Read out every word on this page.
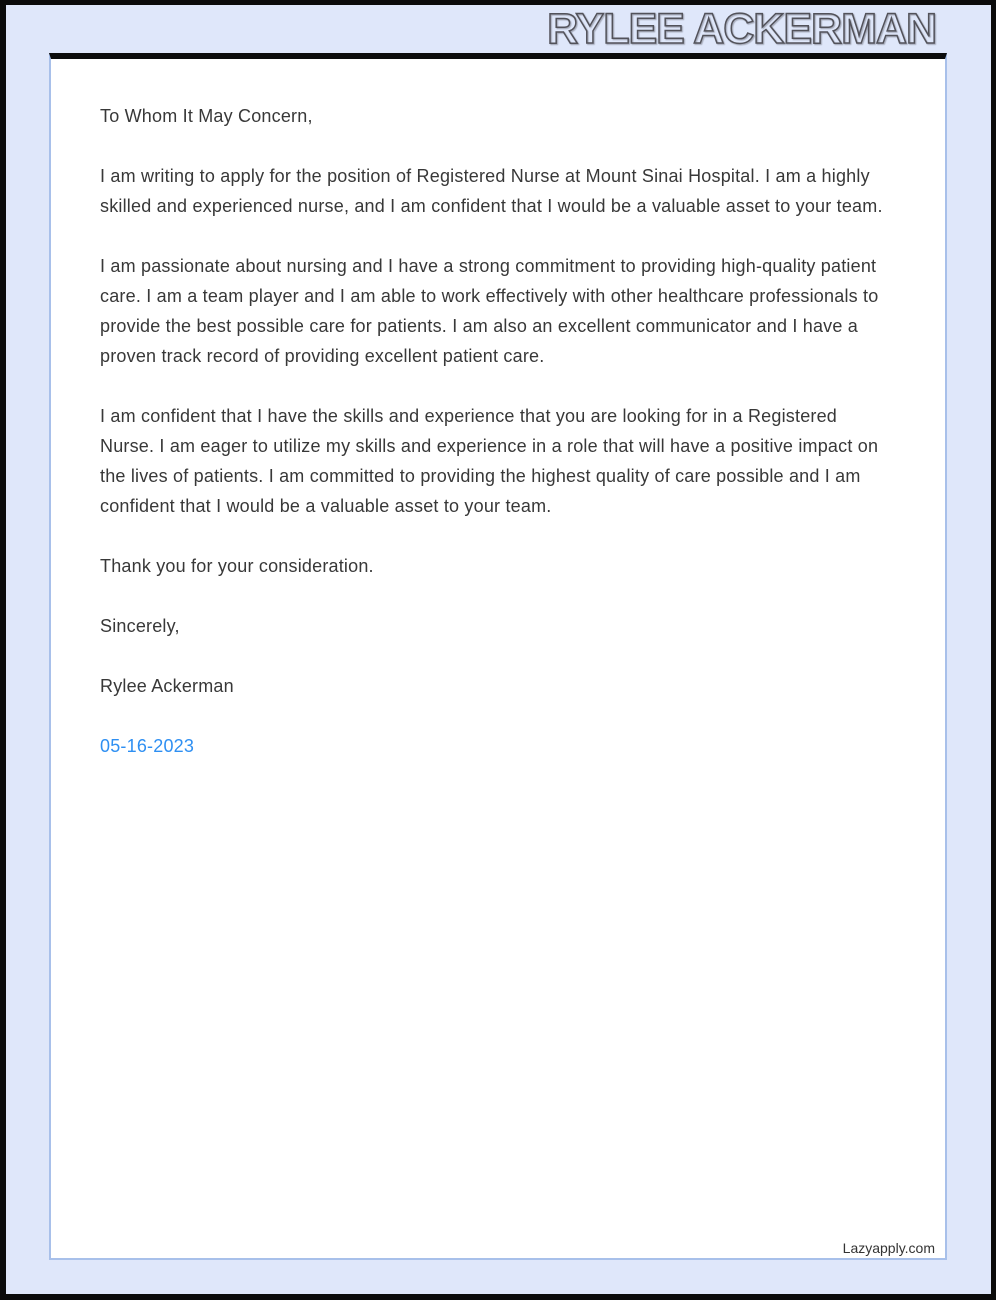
RYLEE ACKERMAN

To Whom It May Concern,

I am writing to apply for the position of Registered Nurse at Mount Sinai Hospital. I am a highly skilled and experienced nurse, and I am confident that I would be a valuable asset to your team.

I am passionate about nursing and I have a strong commitment to providing high-quality patient care. I am a team player and I am able to work effectively with other healthcare professionals to provide the best possible care for patients. I am also an excellent communicator and I have a proven track record of providing excellent patient care.

I am confident that I have the skills and experience that you are looking for in a Registered Nurse. I am eager to utilize my skills and experience in a role that will have a positive impact on the lives of patients. I am committed to providing the highest quality of care possible and I am confident that I would be a valuable asset to your team.

Thank you for your consideration.

Sincerely,

Rylee Ackerman

05-16-2023

Lazyapply.com
